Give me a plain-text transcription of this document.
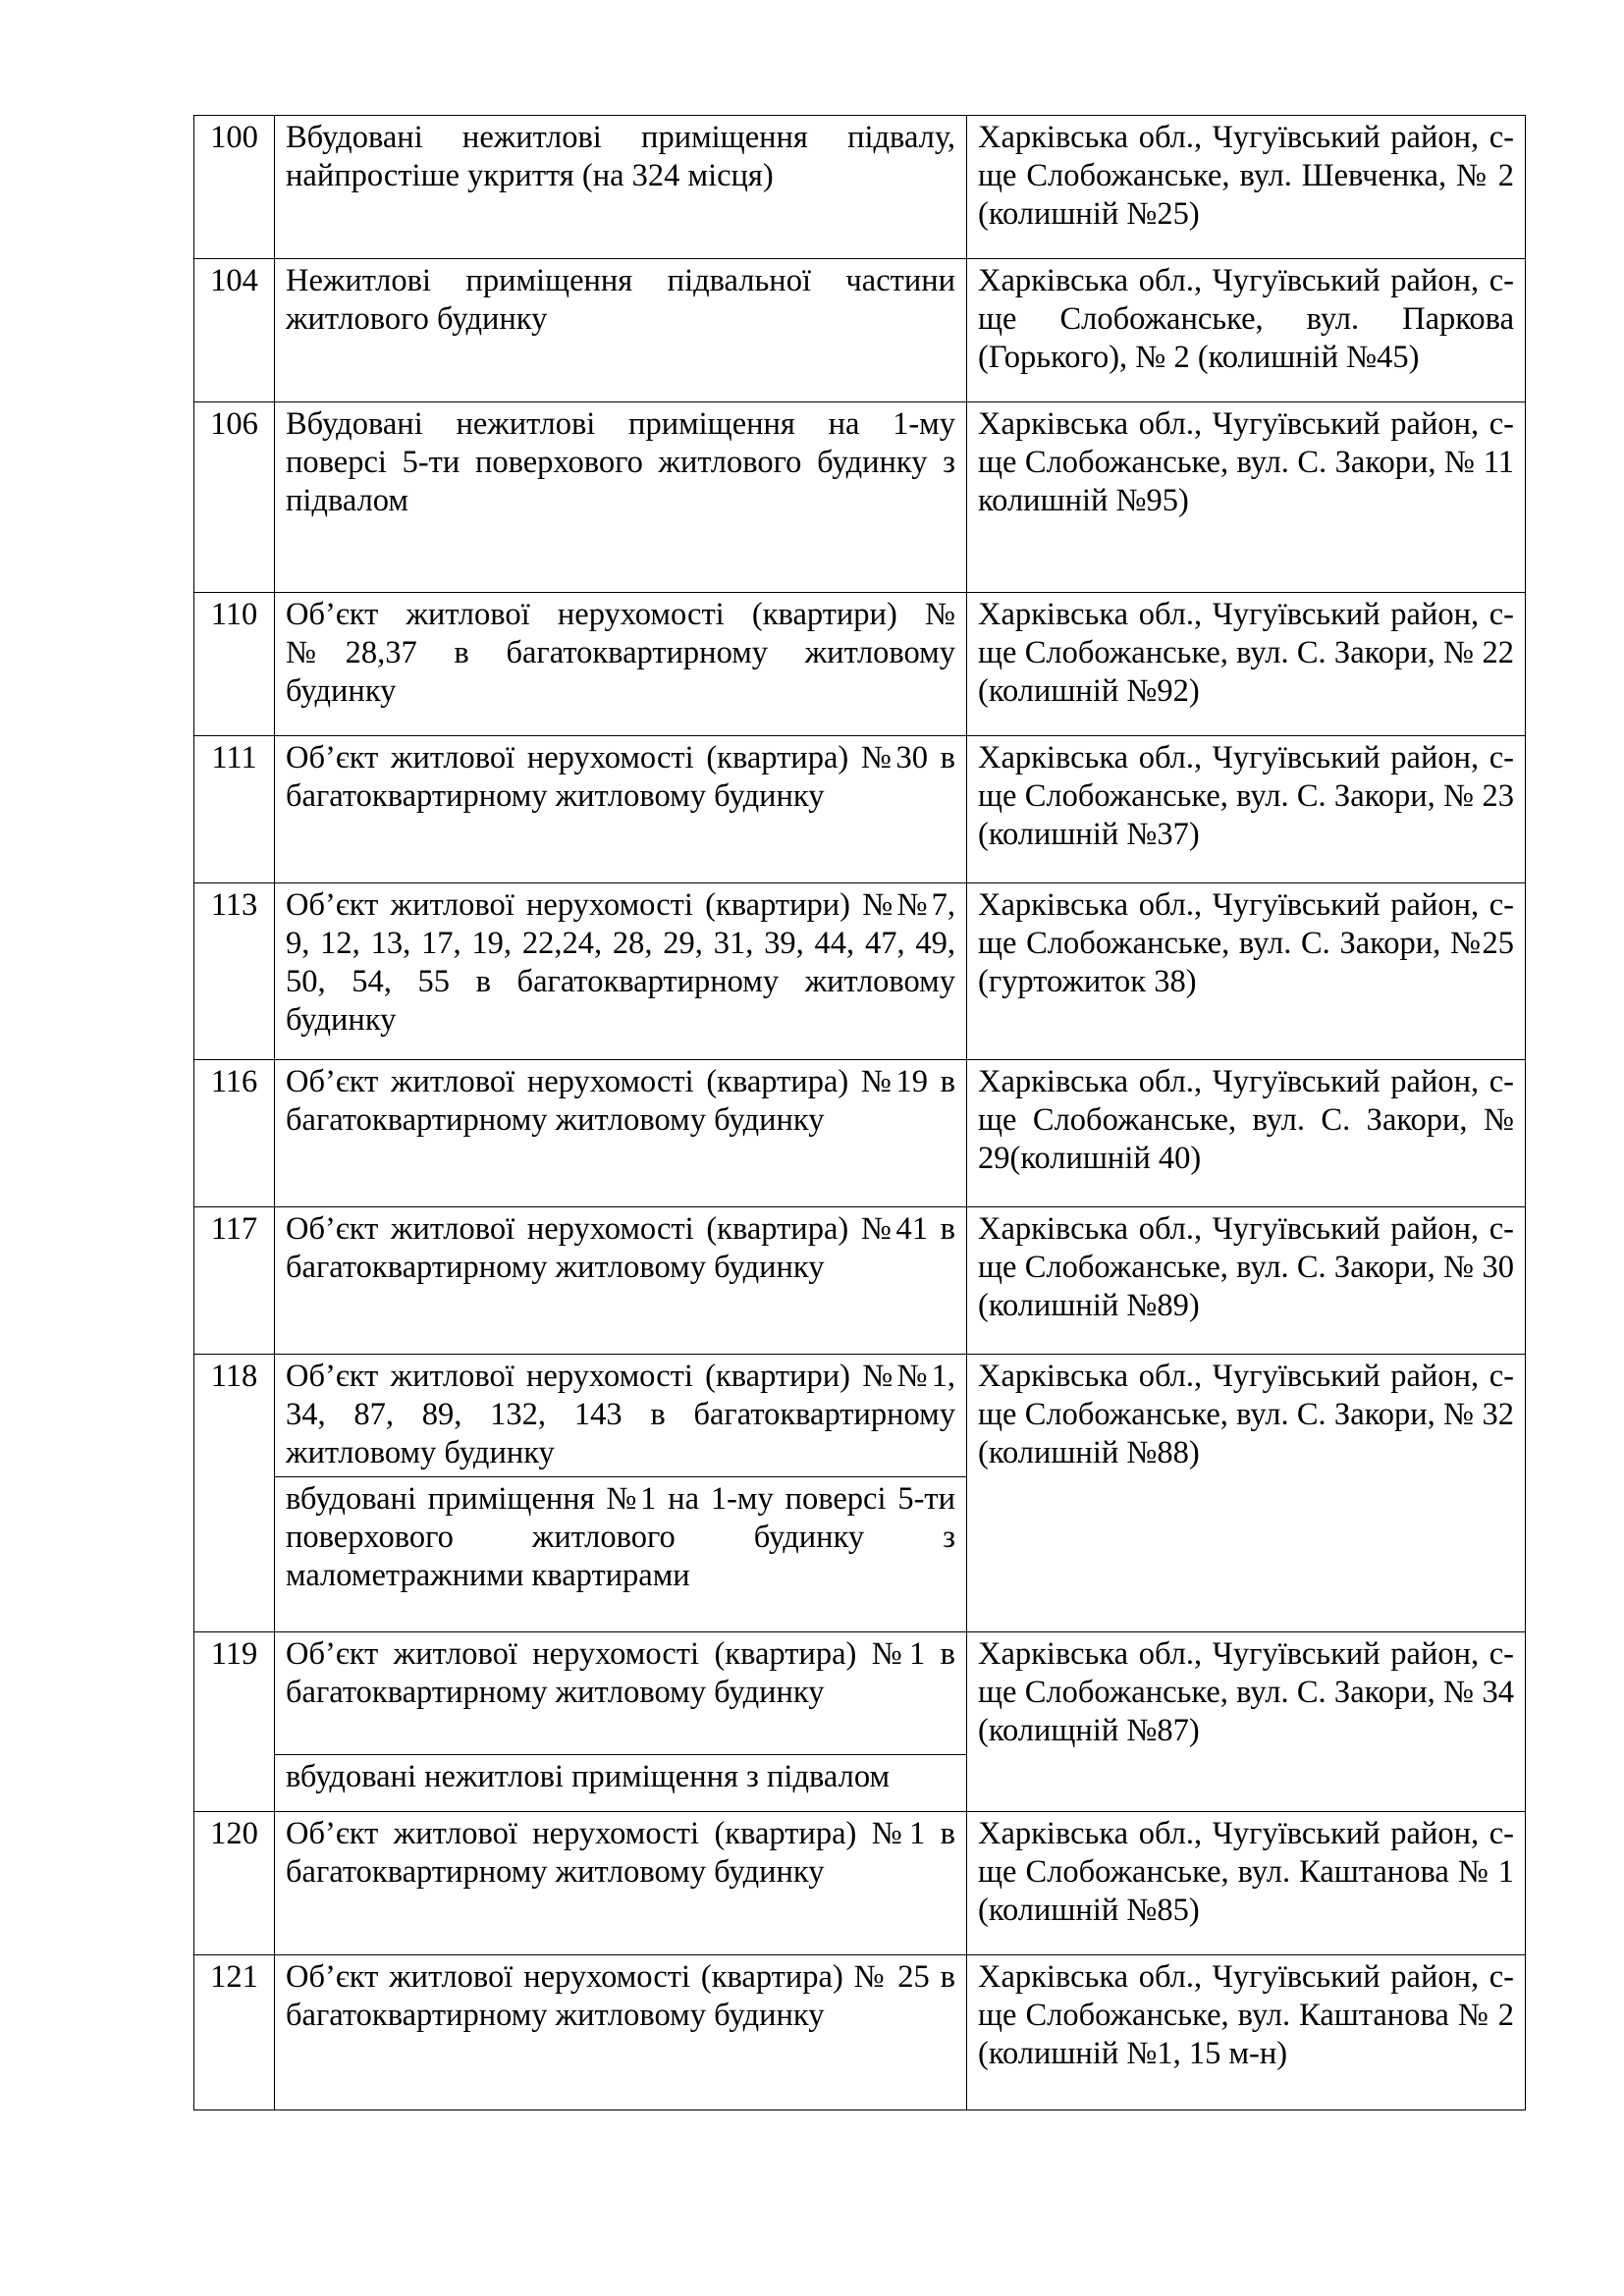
100	Вбудовані нежитлові приміщення підвалу, найпростіше укриття (на 324 місця)	Харківська обл., Чугуївський район, с-ще Слобожанське, вул. Шевченка, № 2 (колишній №25)
104	Нежитлові приміщення підвальної частини житлового будинку	Харківська обл., Чугуївський район, с-ще Слобожанське, вул. Паркова (Горького), № 2 (колишній №45)
106	Вбудовані нежитлові приміщення на 1-му поверсі 5-ти поверхового житлового будинку з підвалом	Харківська обл., Чугуївський район, с-ще Слобожанське, вул. С. Закори, № 11 колишній №95)
110	Об’єкт житлової нерухомості (квартири) №№28,37 в багатоквартирному житловому будинку	Харківська обл., Чугуївський район, с-ще Слобожанське, вул. С. Закори, № 22 (колишній №92)
111	Об’єкт житлової нерухомості (квартира) №30 в багатоквартирному житловому будинку	Харківська обл., Чугуївський район, с-ще Слобожанське, вул. С. Закори, № 23 (колишній №37)
113	Об’єкт житлової нерухомості (квартири) №№7, 9, 12, 13, 17, 19, 22,24, 28, 29, 31, 39, 44, 47, 49, 50, 54, 55 в багатоквартирному житловому будинку	Харківська обл., Чугуївський район, с-ще Слобожанське, вул. С. Закори, №25 (гуртожиток 38)
116	Об’єкт житлової нерухомості (квартира) №19 в багатоквартирному житловому будинку	Харківська обл., Чугуївський район, с-ще Слобожанське, вул. С. Закори, № 29(колишній 40)
117	Об’єкт житлової нерухомості (квартира) №41 в багатоквартирному житловому будинку	Харківська обл., Чугуївський район, с-ще Слобожанське, вул. С. Закори, № 30 (колишній №89)
118	Об’єкт житлової нерухомості (квартири) №№1, 34, 87, 89, 132, 143 в багатоквартирному житловому будинку	Харківська обл., Чугуївський район, с-ще Слобожанське, вул. С. Закори, № 32 (колишній №88)
	вбудовані приміщення №1 на 1-му поверсі 5-ти поверхового житлового будинку з малометражними квартирами	
119	Об’єкт житлової нерухомості (квартира) №1 в багатоквартирному житловому будинку	Харківська обл., Чугуївський район, с-ще Слобожанське, вул. С. Закори, № 34 (колищній №87)
	вбудовані нежитлові приміщення з підвалом	
120	Об’єкт житлової нерухомості (квартира) №1 в багатоквартирному житловому будинку	Харківська обл., Чугуївський район, с-ще Слобожанське, вул. Каштанова № 1 (колишній №85)
121	Об’єкт житлової нерухомості (квартира) № 25 в багатоквартирному житловому будинку	Харківська обл., Чугуївський район, с-ще Слобожанське, вул. Каштанова № 2 (колишній №1, 15 м-н)
